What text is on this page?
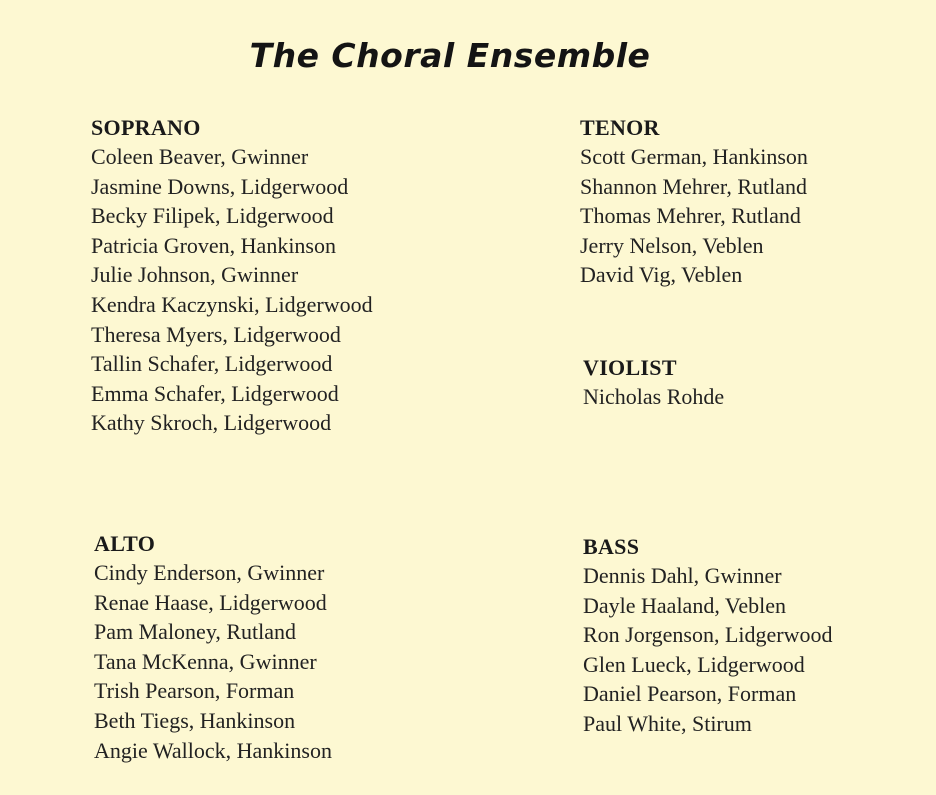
The Choral Ensemble
SOPRANO
Coleen Beaver, Gwinner
Jasmine Downs, Lidgerwood
Becky Filipek, Lidgerwood
Patricia Groven, Hankinson
Julie Johnson, Gwinner
Kendra Kaczynski, Lidgerwood
Theresa Myers, Lidgerwood
Tallin Schafer, Lidgerwood
Emma Schafer, Lidgerwood
Kathy Skroch, Lidgerwood
TENOR
Scott German, Hankinson
Shannon Mehrer, Rutland
Thomas Mehrer, Rutland
Jerry Nelson, Veblen
David Vig, Veblen
VIOLIST
Nicholas Rohde
ALTO
Cindy Enderson, Gwinner
Renae Haase, Lidgerwood
Pam Maloney, Rutland
Tana McKenna, Gwinner
Trish Pearson, Forman
Beth Tiegs, Hankinson
Angie Wallock, Hankinson
BASS
Dennis Dahl, Gwinner
Dayle Haaland, Veblen
Ron Jorgenson, Lidgerwood
Glen Lueck, Lidgerwood
Daniel Pearson, Forman
Paul White, Stirum
